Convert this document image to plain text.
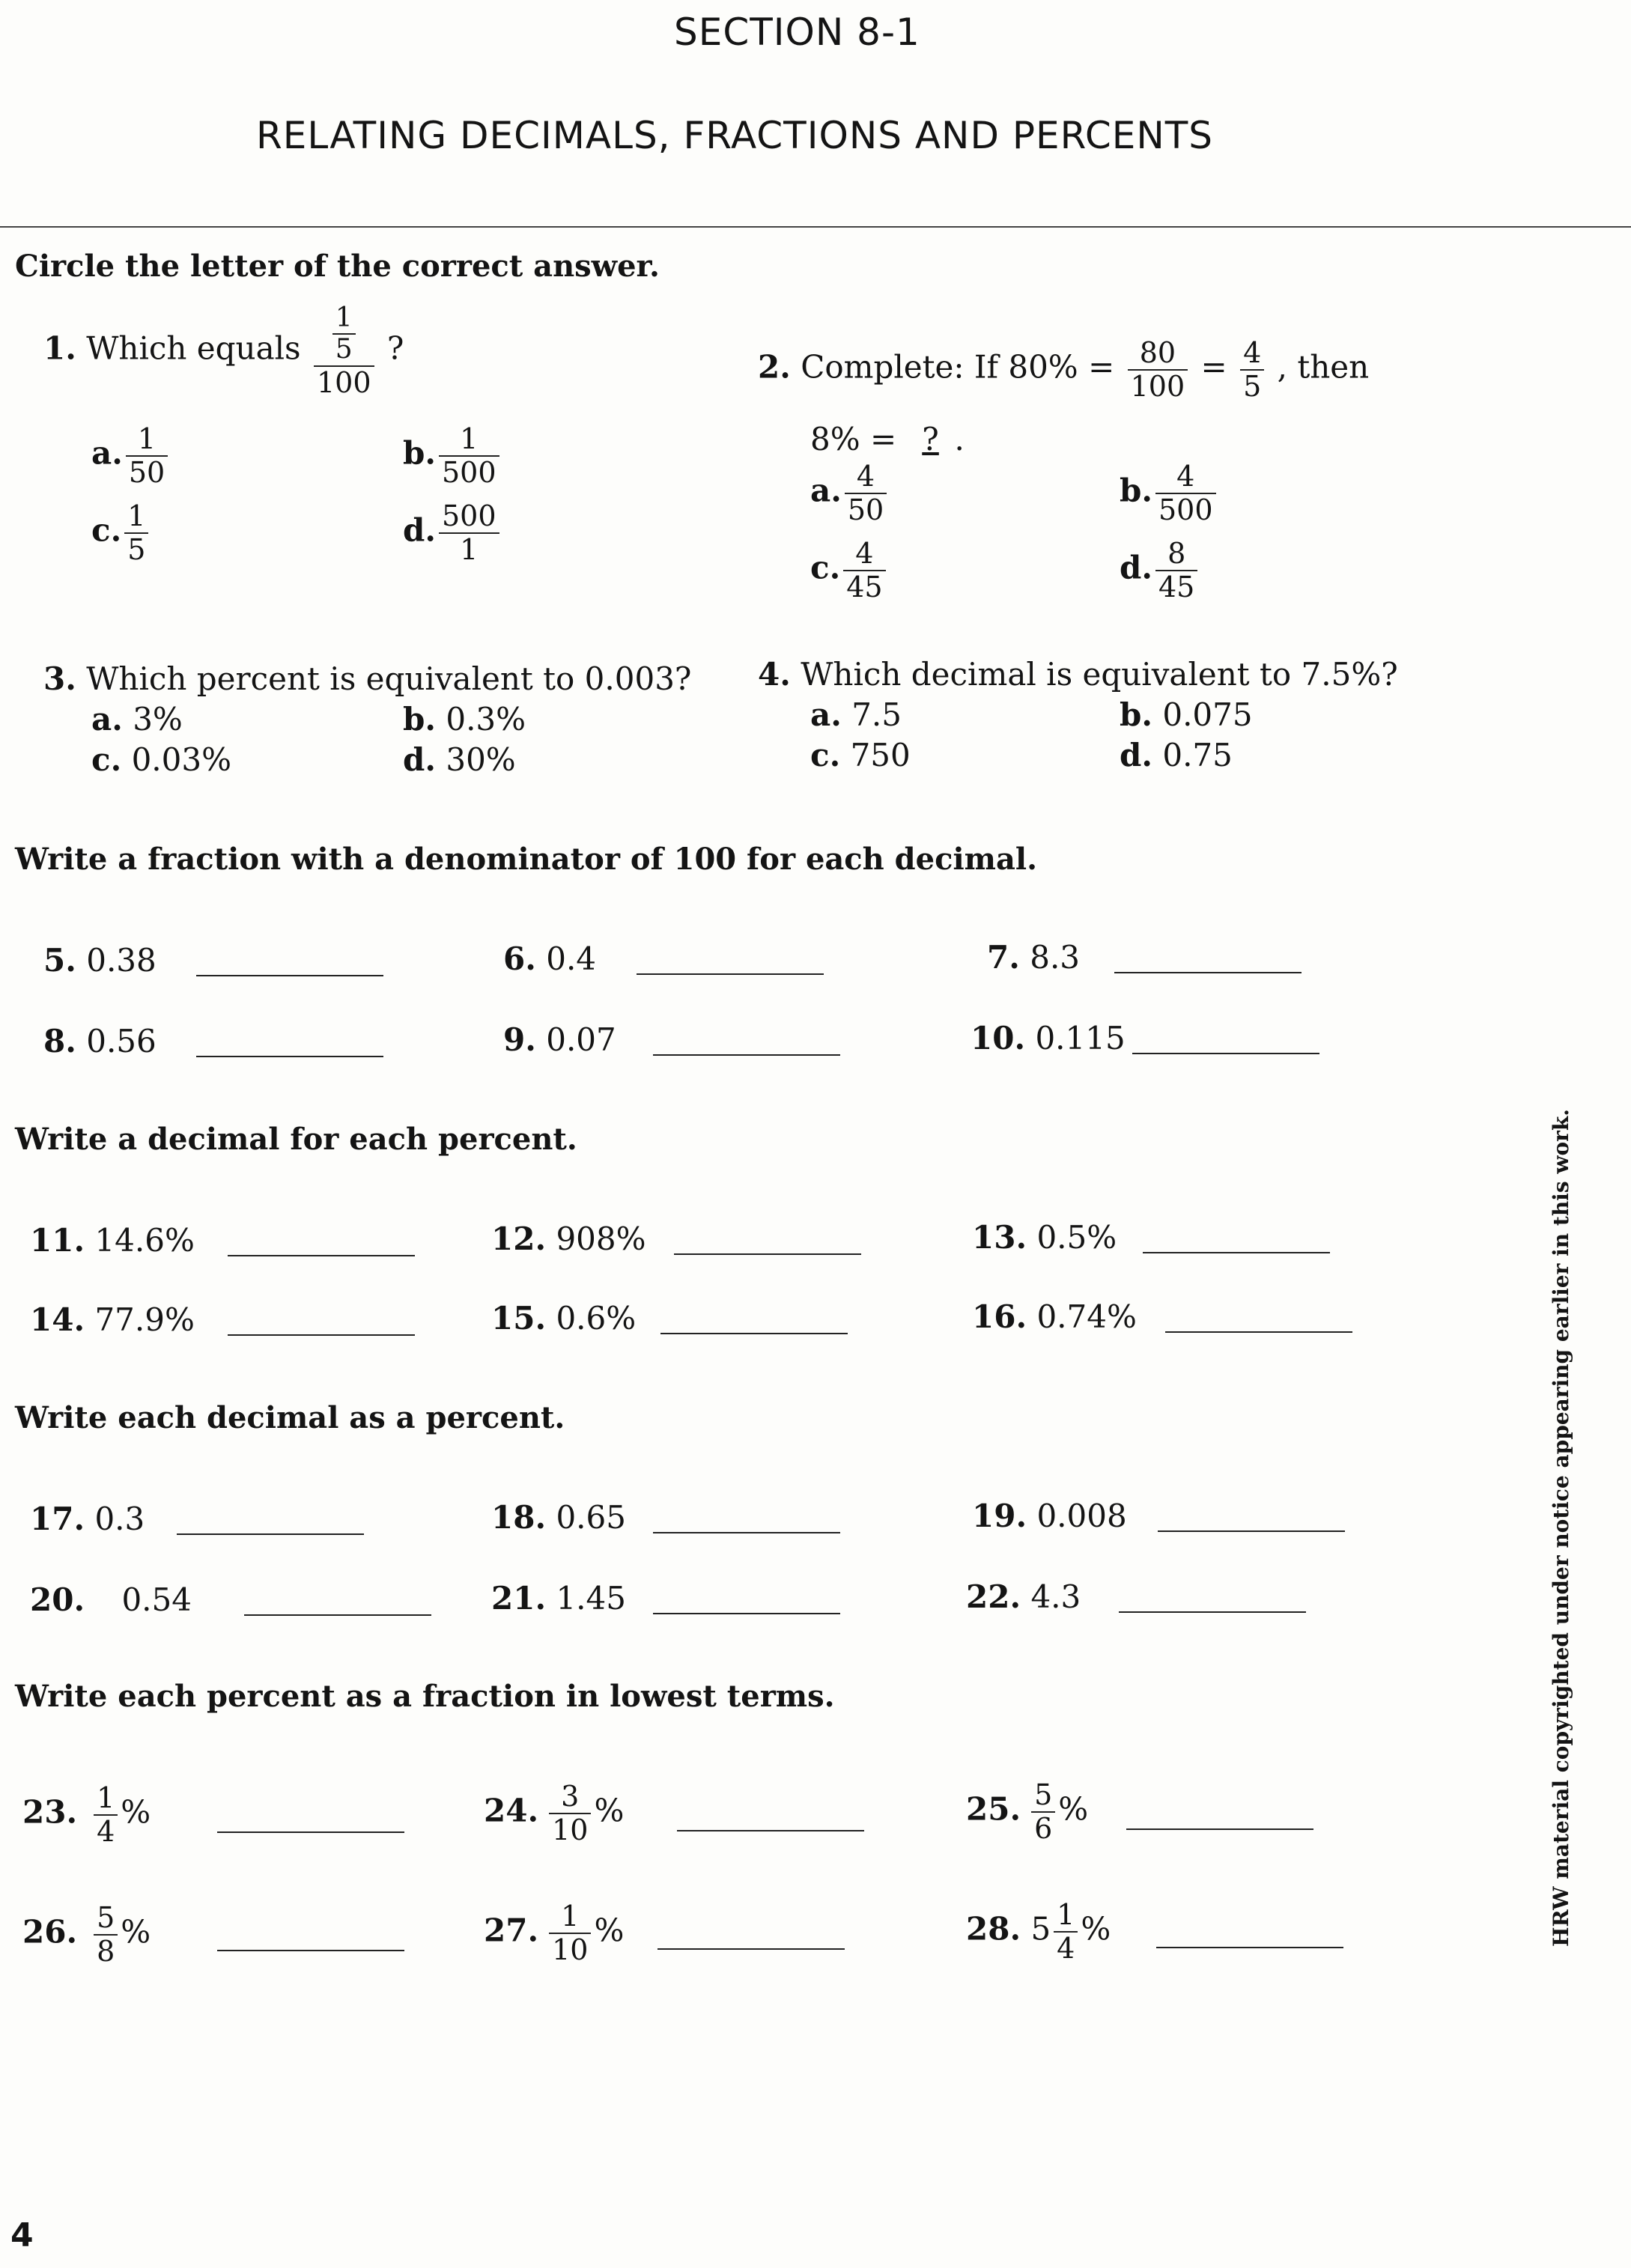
SECTION 8-1
RELATING DECIMALS, FRACTIONS AND PERCENTS
Circle the letter of the correct answer.
1. Which equals $\frac{\frac{1}{5}}{100}$ ?
a. $\frac{1}{50}$	b. $\frac{1}{500}$
c. $\frac{1}{5}$	d. $\frac{500}{1}$
2. Complete: If $80\% = \frac{80}{100} = \frac{4}{5}$ , then
8% = ? .
a. $\frac{4}{50}$	b. $\frac{4}{500}$
c. $\frac{4}{45}$	d. $\frac{8}{45}$
3. Which percent is equivalent to 0.003?
a. 3%	b. 0.3%
c. 0.03%	d. 30%
4. Which decimal is equivalent to 7.5%?
a. 7.5	b. 0.075
c. 750	d. 0.75
Write a fraction with a denominator of 100 for each decimal.
5. 0.38	6. 0.4	7. 8.3
8. 0.56	9. 0.07	10. 0.115
Write a decimal for each percent.
11. 14.6%	12. 908%	13. 0.5%
14. 77.9%	15. 0.6%	16. 0.74%
Write each decimal as a percent.
17. 0.3	18. 0.65	19. 0.008
20. 0.54	21. 1.45	22. 4.3
Write each percent as a fraction in lowest terms.
23. $\frac{1}{4}$ %	24. $\frac{3}{10}$ %	25. $\frac{5}{6}$ %
26. $\frac{5}{8}$ %	27. $\frac{1}{10}$ %	28. $5 \frac{1}{4}$ %	HRW material copyrighted under notice appearing earlier in this work.
4
